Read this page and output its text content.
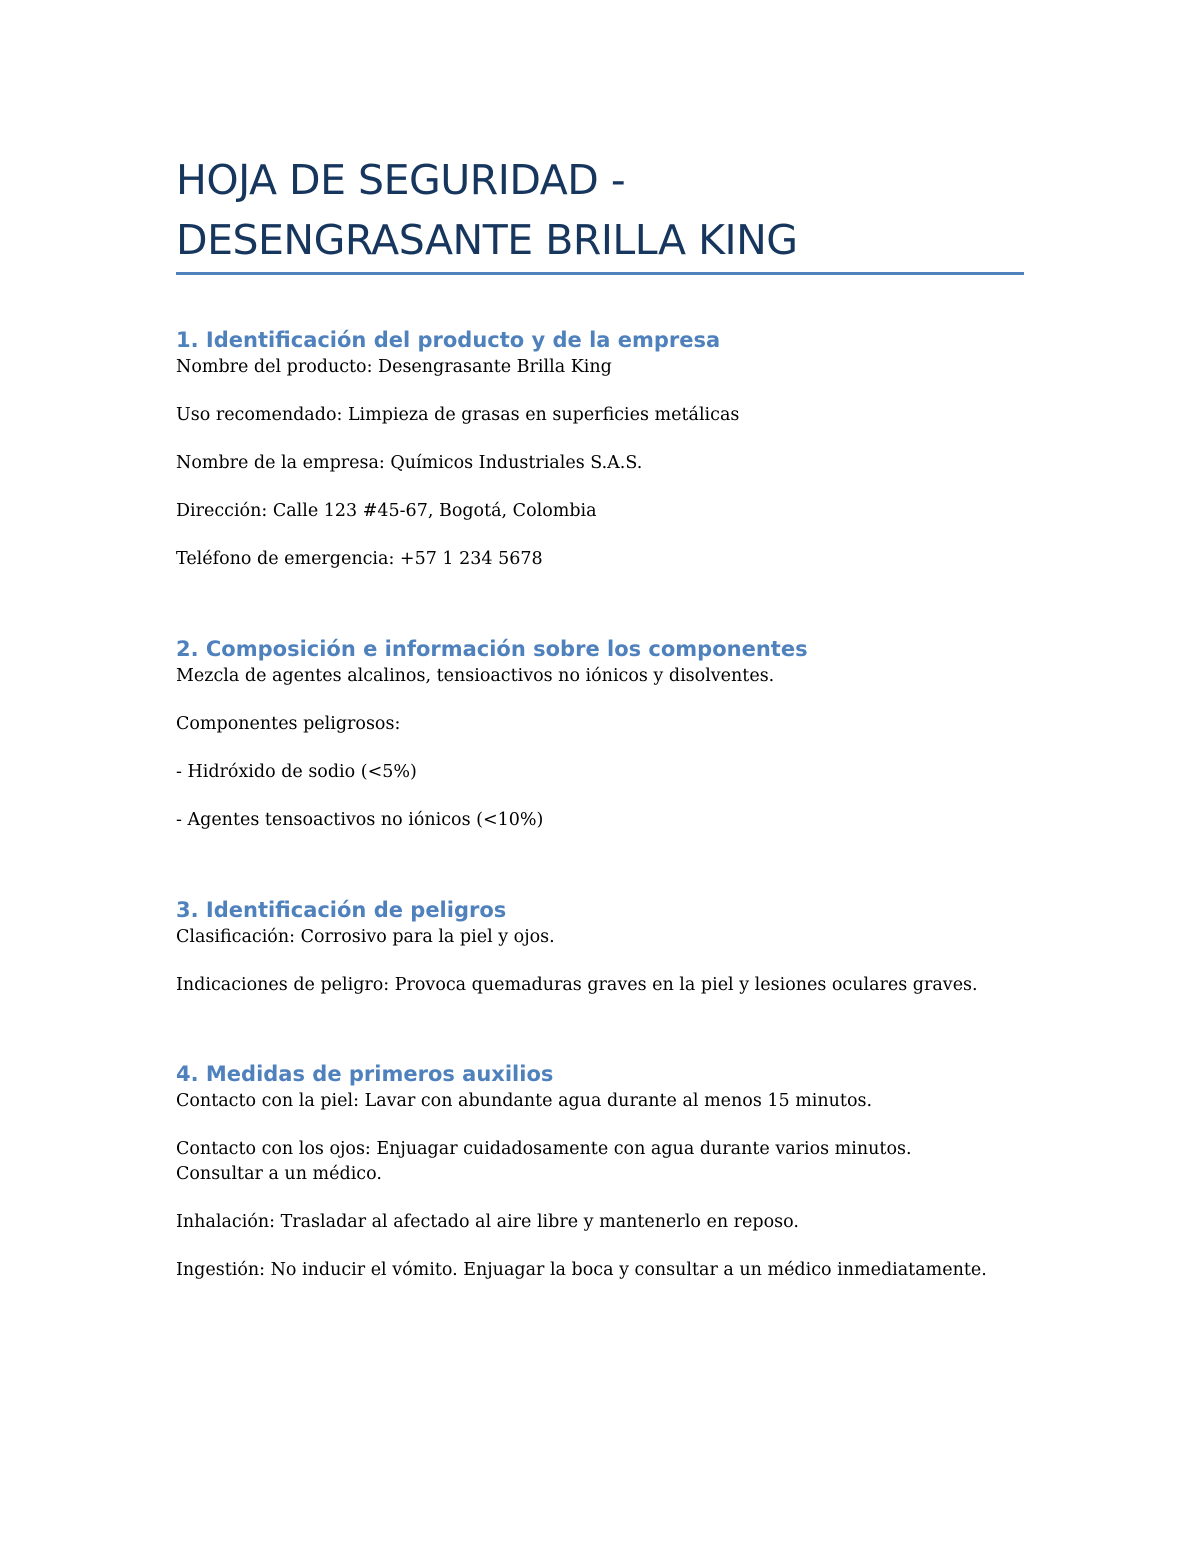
HOJA DE SEGURIDAD -
DESENGRASANTE BRILLA KING
1. Identificación del producto y de la empresa

Nombre del producto: Desengrasante Brilla King

Uso recomendado: Limpieza de grasas en superficies metálicas

Nombre de la empresa: Químicos Industriales S.A.S.

Dirección: Calle 123 #45-67, Bogotá, Colombia

Teléfono de emergencia: +57 1 234 5678

2. Composición e información sobre los componentes

Mezcla de agentes alcalinos, tensioactivos no iónicos y disolventes.

Componentes peligrosos:

- Hidróxido de sodio (<5%)

- Agentes tensoactivos no iónicos (<10%)

3. Identificación de peligros

Clasificación: Corrosivo para la piel y ojos.

Indicaciones de peligro: Provoca quemaduras graves en la piel y lesiones oculares graves.

4. Medidas de primeros auxilios

Contacto con la piel: Lavar con abundante agua durante al menos 15 minutos.

Contacto con los ojos: Enjuagar cuidadosamente con agua durante varios minutos. Consultar a un médico.

Inhalación: Trasladar al afectado al aire libre y mantenerlo en reposo.

Ingestión: No inducir el vómito. Enjuagar la boca y consultar a un médico inmediatamente.
